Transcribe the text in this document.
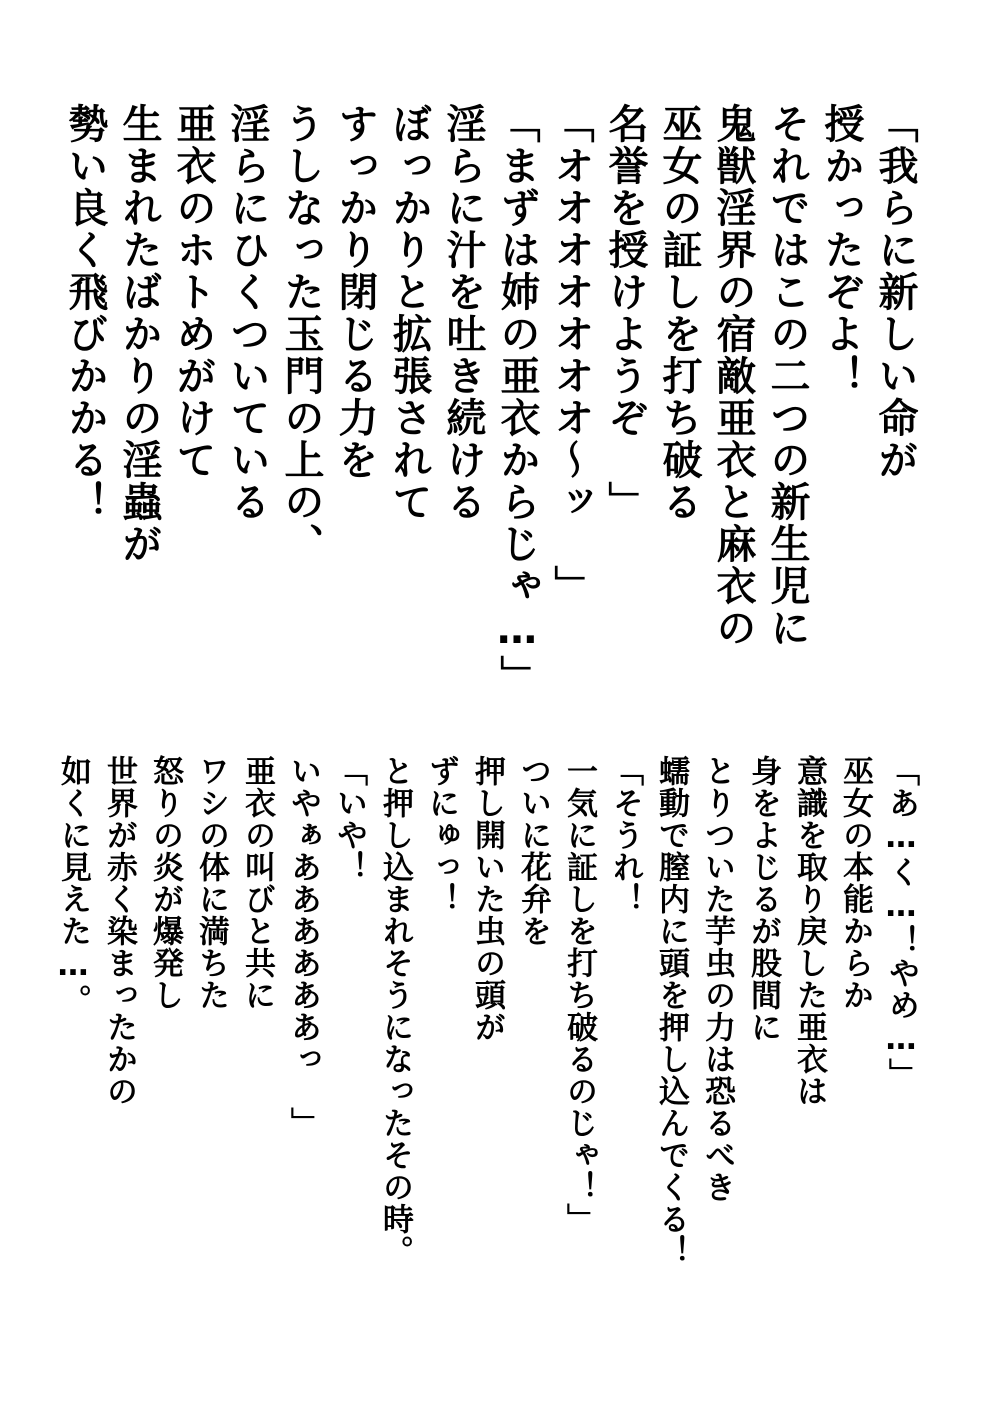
「我らに新しい命が
授かったぞよ！
それではこの二つの新生児に
鬼獣淫界の宿敵亜衣と麻衣の
巫女の証しを打ち破る
名誉を授けようぞ　」
「オオオオオオオ～ッ　」
「まずは姉の亜衣からじゃ…」
淫らに汁を吐き続ける
ぼっかりと拡張されて
すっかり閉じる力を
うしなった玉門の上の、
淫らにひくついている
亜衣のホトめがけて
生まれたばかりの淫蟲が
勢い良く飛びかかる！
「あ…く…！やめ…」
巫女の本能からか
意識を取り戻した亜衣は
身をよじるが股間に
とりついた芋虫の力は恐るべき
蠕動で膣内に頭を押し込んでくる！
「そうれ！
一気に証しを打ち破るのじゃ！」
ついに花弁を
押し開いた虫の頭が
ずにゅっ！
と押し込まれそうになったその時。
「いや！
いやぁああああああっ　」
亜衣の叫びと共に
ワシの体に満ちた
怒りの炎が爆発し
世界が赤く染まったかの
如くに見えた…。
